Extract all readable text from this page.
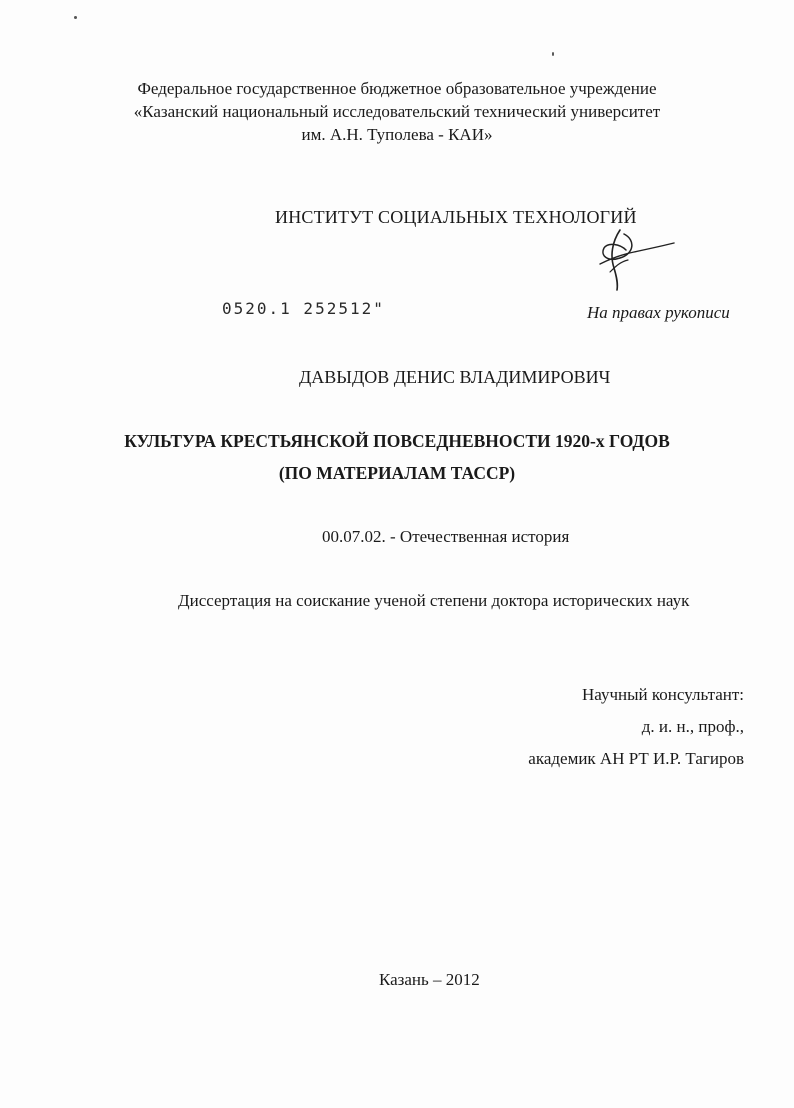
Федеральное государственное бюджетное образовательное учреждение
«Казанский национальный исследовательский технический университет
им. А.Н. Туполева - КАИ»
ИНСТИТУТ СОЦИАЛЬНЫХ ТЕХНОЛОГИЙ
0520.1 252512"	На правах рукописи
ДАВЫДОВ ДЕНИС ВЛАДИМИРОВИЧ
КУЛЬТУРА КРЕСТЬЯНСКОЙ ПОВСЕДНЕВНОСТИ 1920-х ГОДОВ
(ПО МАТЕРИАЛАМ ТАССР)
00.07.02. - Отечественная история
Диссертация на соискание ученой степени доктора исторических наук
Научный консультант:
д. и. н., проф.,
академик АН РТ И.Р. Тагиров
Казань – 2012
